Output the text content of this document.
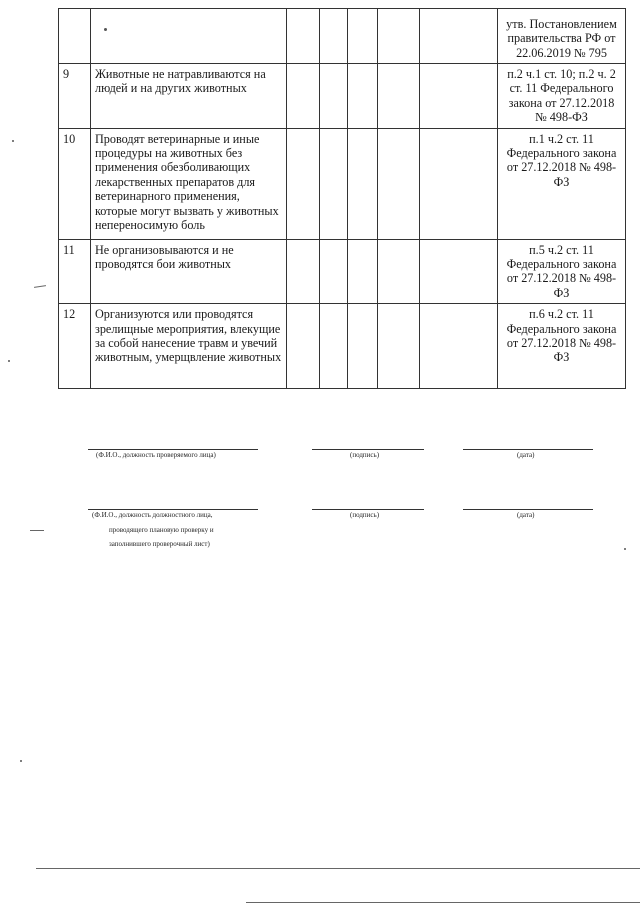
							утв. Постановлением правительства РФ от 22.06.2019 № 795
9	Животные не натравливаются на людей и на других животных						п.2 ч.1 ст. 10; п.2 ч. 2 ст. 11 Федерального закона от 27.12.2018 № 498-ФЗ
10	Проводят ветеринарные и иные процедуры на животных без применения обезболивающих лекарственных препаратов для ветеринарного применения, которые могут вызвать у животных непереносимую боль						п.1 ч.2 ст. 11 Федерального закона от 27.12.2018 № 498-ФЗ
11	Не организовываются и не проводятся бои животных						п.5 ч.2 ст. 11 Федерального закона от 27.12.2018 № 498-ФЗ
12	Организуются или проводятся зрелищные мероприятия, влекущие за собой нанесение травм и увечий животным, умерщвление животных						п.6 ч.2 ст. 11 Федерального закона от 27.12.2018 № 498-ФЗ
(Ф.И.О., должность проверяемого лица)	(подпись)	(дата)
(Ф.И.О., должность должностного лица,
проводящего плановую проверку и
заполнившего проверочный лист)
(подпись)	(дата)
